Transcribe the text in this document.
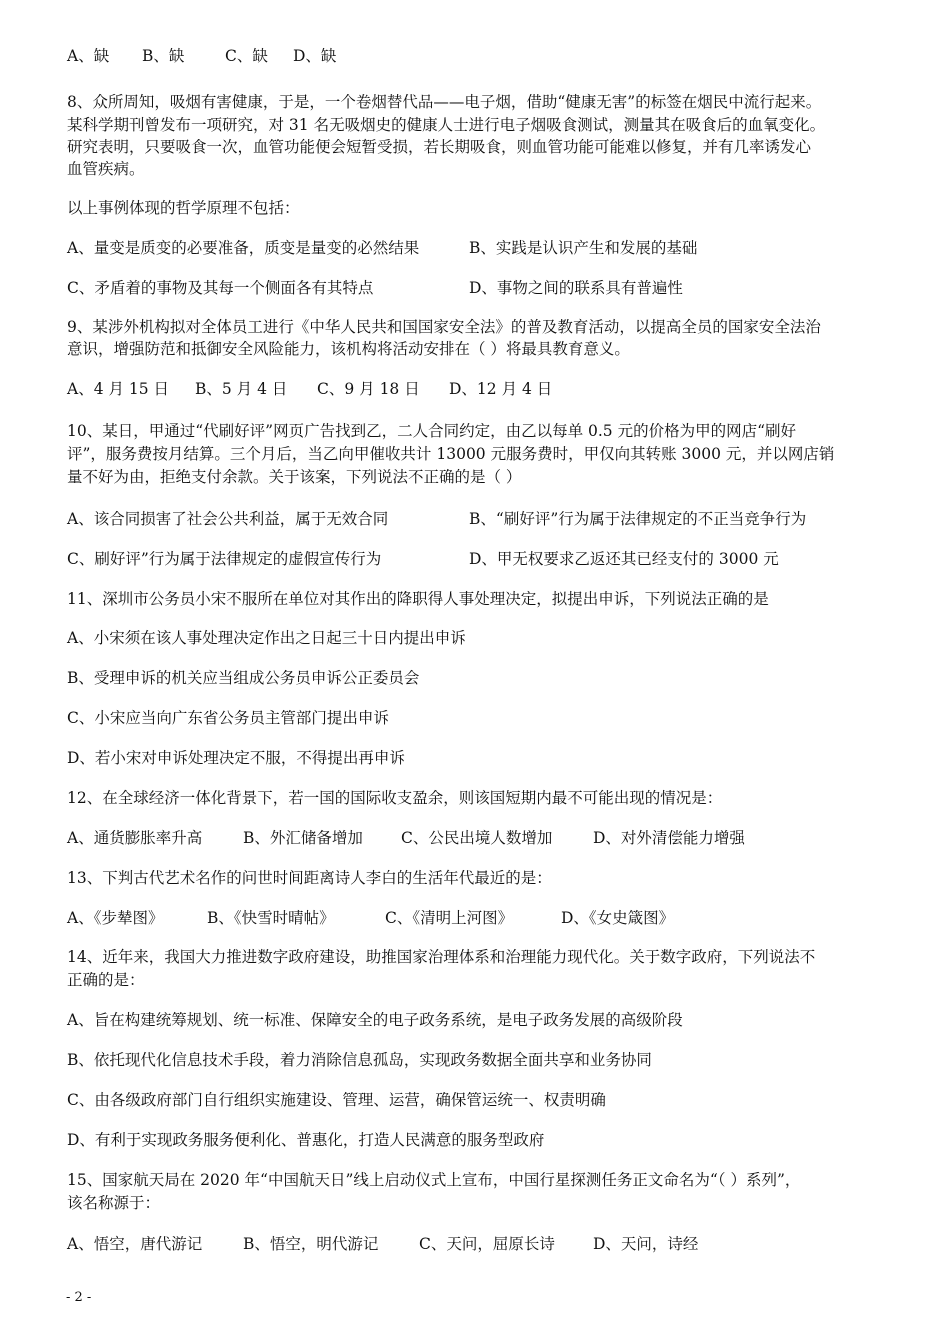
A、缺 B、缺	C、缺 D、缺
8、众所周知，吸烟有害健康，于是，一个卷烟替代品——电子烟，借助“健康无害”的标签在烟民中流行起来。
某科学期刊曾发布一项研究，对 31 名无吸烟史的健康人士进行电子烟吸食测试，测量其在吸食后的血氧变化。
研究表明，只要吸食一次，血管功能便会短暂受损，若长期吸食，则血管功能可能难以修复，并有几率诱发心
血管疾病。
以上事例体现的哲学原理不包括：
A、量变是质变的必要准备，质变是量变的必然结果	B、实践是认识产生和发展的基础
C、矛盾着的事物及其每一个侧面各有其特点	D、事物之间的联系具有普遍性
9、某涉外机构拟对全体员工进行《中华人民共和国国家安全法》的普及教育活动，以提高全员的国家安全法治
意识，增强防范和抵御安全风险能力，该机构将活动安排在（ ）将最具教育意义。
A、4 月 15 日 B、5 月 4 日 C、9 月 18 日 D、12 月 4 日
10、某日，甲通过“代刷好评”网页广告找到乙，二人合同约定，由乙以每单 0.5 元的价格为甲的网店“刷好
评”，服务费按月结算。三个月后，当乙向甲催收共计 13000 元服务费时，甲仅向其转账 3000 元，并以网店销
量不好为由，拒绝支付余款。关于该案，下列说法不正确的是（ ）
A、该合同损害了社会公共利益，属于无效合同	B、“刷好评”行为属于法律规定的不正当竞争行为
C、刷好评”行为属于法律规定的虚假宣传行为	D、甲无权要求乙返还其已经支付的 3000 元
11、深圳市公务员小宋不服所在单位对其作出的降职得人事处理决定，拟提出申诉，下列说法正确的是
A、小宋须在该人事处理决定作出之日起三十日内提出申诉
B、受理申诉的机关应当组成公务员申诉公正委员会
C、小宋应当向广东省公务员主管部门提出申诉
D、若小宋对申诉处理决定不服，不得提出再申诉
12、在全球经济一体化背景下，若一国的国际收支盈余，则该国短期内最不可能出现的情况是：
A、通货膨胀率升高	B、外汇储备增加 C、公民出境人数增加	D、对外清偿能力增强
13、下判古代艺术名作的问世时间距离诗人李白的生活年代最近的是：
A、《步辇图》	B、《快雪时晴帖》	C、《清明上河图》	D、《女史箴图》
14、近年来，我国大力推进数字政府建设，助推国家治理体系和治理能力现代化。关于数字政府，下列说法不
正确的是：
A、旨在构建统筹规划、统一标准、保障安全的电子政务系统，是电子政务发展的高级阶段
B、依托现代化信息技术手段，着力消除信息孤岛，实现政务数据全面共享和业务协同
C、由各级政府部门自行组织实施建设、管理、运营，确保管运统一、权责明确
D、有利于实现政务服务便利化、普惠化，打造人民满意的服务型政府
15、国家航天局在 2020 年“中国航天日”线上启动仪式上宣布，中国行星探测任务正文命名为“（ ）系列”，
该名称源于：
A、悟空，唐代游记	B、悟空，明代游记	C、天问，屈原长诗 D、天问，诗经
- 2 -
